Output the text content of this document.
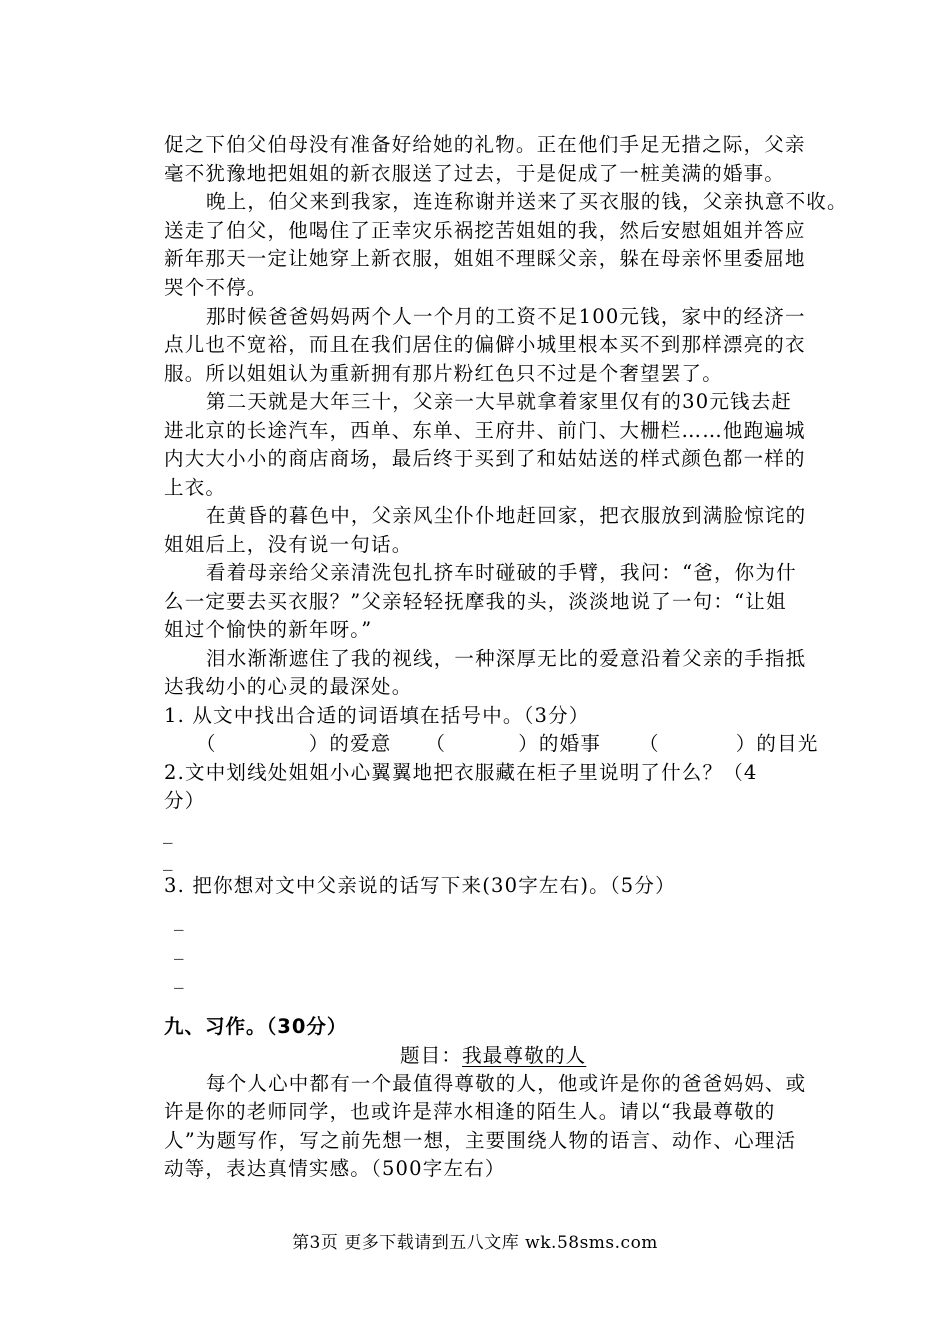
促之下伯父伯母没有准备好给她的礼物。正在他们手足无措之际，父亲
毫不犹豫地把姐姐的新衣服送了过去，于是促成了一桩美满的婚事。
晚上，伯父来到我家，连连称谢并送来了买衣服的钱，父亲执意不收。
送走了伯父，他喝住了正幸灾乐祸挖苦姐姐的我，然后安慰姐姐并答应
新年那天一定让她穿上新衣服，姐姐不理睬父亲，躲在母亲怀里委屈地
哭个不停。
那时候爸爸妈妈两个人一个月的工资不足100元钱，家中的经济一
点儿也不宽裕，而且在我们居住的偏僻小城里根本买不到那样漂亮的衣
服。所以姐姐认为重新拥有那片粉红色只不过是个奢望罢了。
第二天就是大年三十，父亲一大早就拿着家里仅有的30元钱去赶
进北京的长途汽车，西单、东单、王府井、前门、大栅栏……他跑遍城
内大大小小的商店商场，最后终于买到了和姑姑送的样式颜色都一样的
上衣。
在黄昏的暮色中，父亲风尘仆仆地赶回家，把衣服放到满脸惊诧的
姐姐后上，没有说一句话。
看着母亲给父亲清洗包扎挤车时碰破的手臂，我问：“爸，你为什
么一定要去买衣服？”父亲轻轻抚摩我的头，淡淡地说了一句：“让姐
姐过个愉快的新年呀。”
泪水渐渐遮住了我的视线，一种深厚无比的爱意沿着父亲的手指抵
达我幼小的心灵的最深处。
1. 从文中找出合适的词语填在括号中。（3分）
（	）的爱意 （	）的婚事 （	）的目光
2.文中划线处姐姐小心翼翼地把衣服藏在柜子里说明了什么？（4
分）
_
_
3. 把你想对文中父亲说的话写下来(30字左右)。（5分）
_
_
_
九、习作。（30分）
题目：我最尊敬的人
每个人心中都有一个最值得尊敬的人，他或许是你的爸爸妈妈、或
许是你的老师同学，也或许是萍水相逢的陌生人。请以“我最尊敬的
人”为题写作，写之前先想一想，主要围绕人物的语言、动作、心理活
动等，表达真情实感。（500字左右）
第3页 更多下载请到五八文库 wk.58sms.com
